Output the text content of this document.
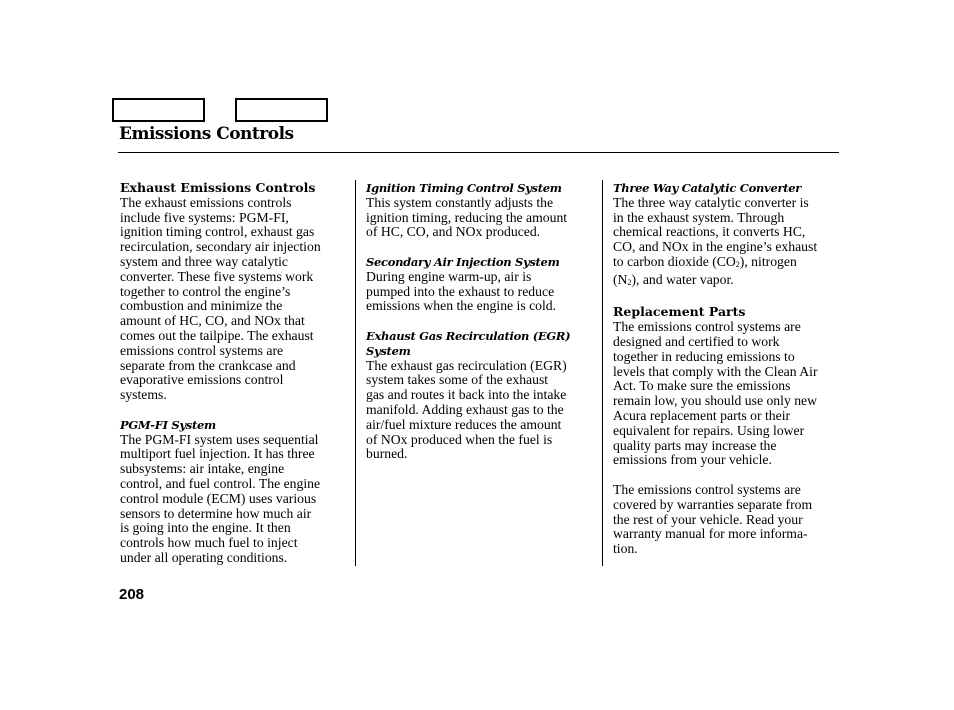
Emissions Controls
Exhaust Emissions Controls

The exhaust emissions controls

include five systems: PGM-FI,

ignition timing control, exhaust gas

recirculation, secondary air injection

system and three way catalytic

converter. These five systems work

together to control the engine’s

combustion and minimize the

amount of HC, CO, and NOx that

comes out the tailpipe. The exhaust

emissions control systems are

separate from the crankcase and

evaporative emissions control

systems.

PGM-FI System

The PGM-FI system uses sequential

multiport fuel injection. It has three

subsystems: air intake, engine

control, and fuel control. The engine

control module (ECM) uses various

sensors to determine how much air

is going into the engine. It then

controls how much fuel to inject

under all operating conditions.

Ignition Timing Control System

This system constantly adjusts the

ignition timing, reducing the amount

of HC, CO, and NOx produced.

Secondary Air Injection System

During engine warm-up, air is

pumped into the exhaust to reduce

emissions when the engine is cold.

Exhaust Gas Recirculation (EGR)
System

The exhaust gas recirculation (EGR)

system takes some of the exhaust

gas and routes it back into the intake

manifold. Adding exhaust gas to the

air/fuel mixture reduces the amount

of NOx produced when the fuel is

burned.

Three Way Catalytic Converter

The three way catalytic converter is

in the exhaust system. Through

chemical reactions, it converts HC,

CO, and NOx in the engine’s exhaust

to carbon dioxide $(CO_2)$, nitrogen

$(N_2)$, and water vapor.

Replacement Parts

The emissions control systems are

designed and certified to work

together in reducing emissions to

levels that comply with the Clean Air

Act. To make sure the emissions

remain low, you should use only new

Acura replacement parts or their

equivalent for repairs. Using lower

quality parts may increase the

emissions from your vehicle.

The emissions control systems are

covered by warranties separate from

the rest of your vehicle. Read your

warranty manual for more informa-

tion.

208
